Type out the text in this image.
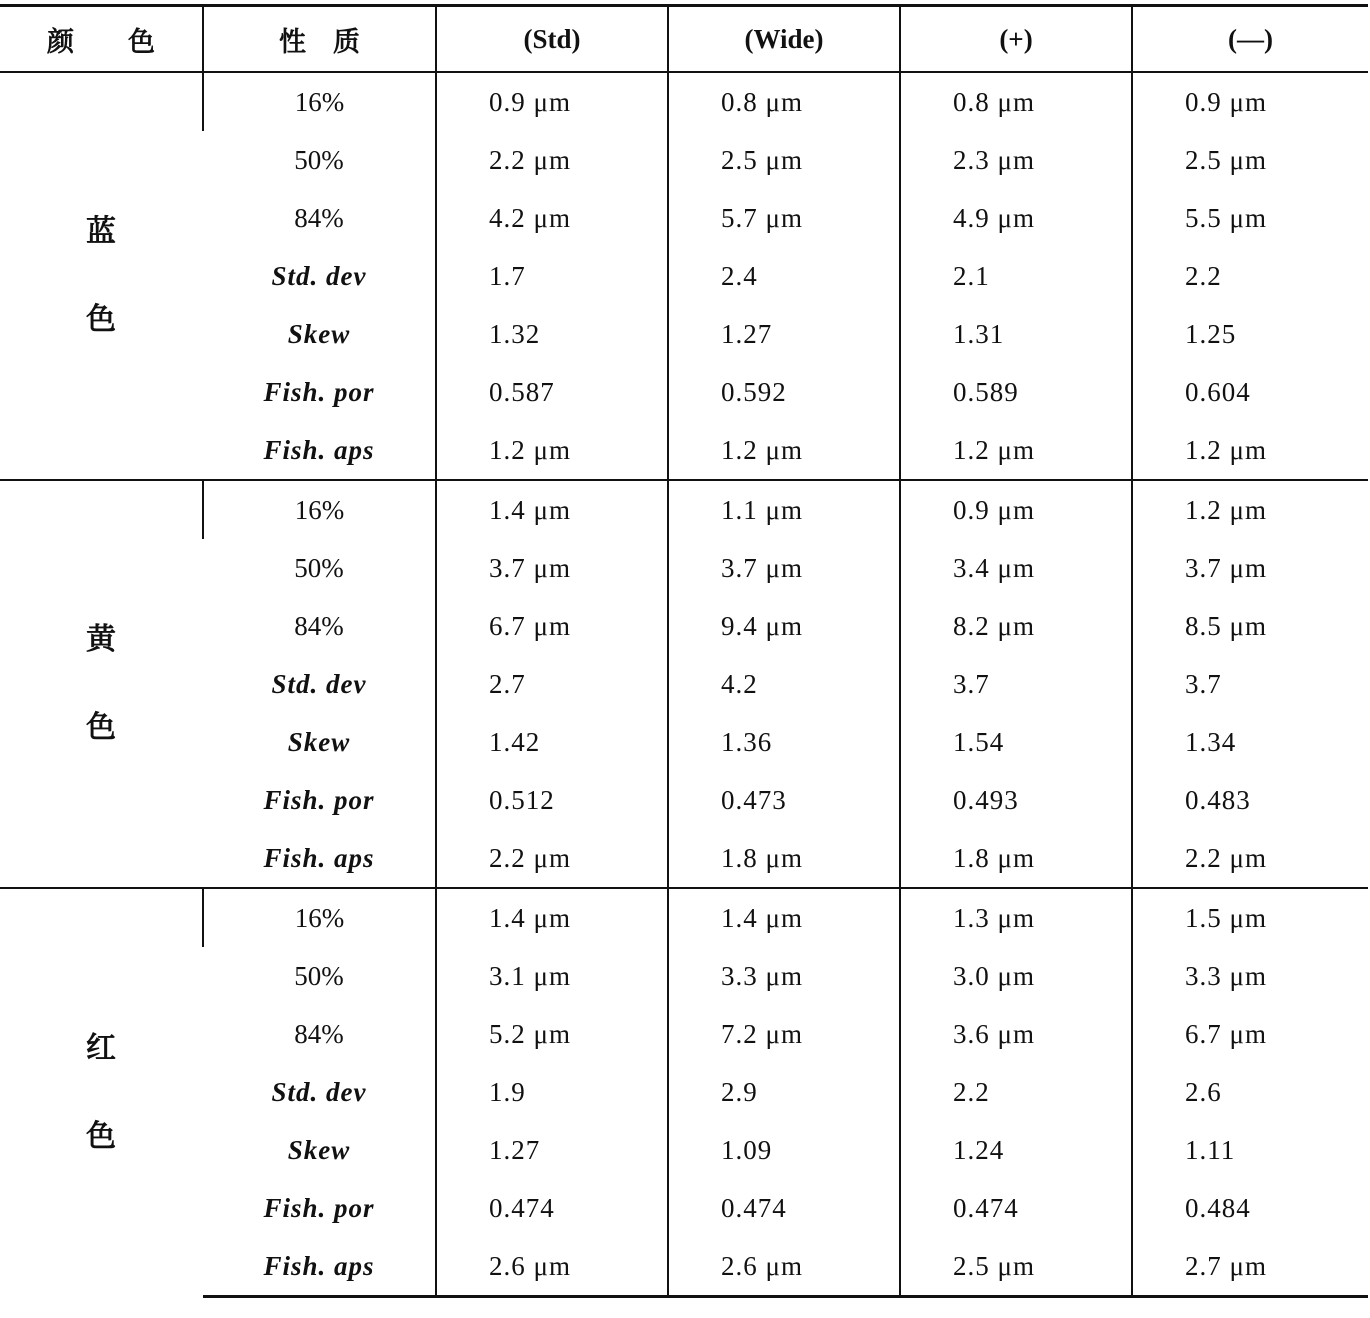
颜　　色	性　质	(Std)	(Wide)	(+)	(—)
蓝
色	16%	0.9 μm	0.8 μm	0.8 μm	0.9 μm
	50%	2.2 μm	2.5 μm	2.3 μm	2.5 μm
	84%	4.2 μm	5.7 μm	4.9 μm	5.5 μm
	Std. dev	1.7	2.4	2.1	2.2
	Skew	1.32	1.27	1.31	1.25
	Fish. por	0.587	0.592	0.589	0.604
	Fish. aps	1.2 μm	1.2 μm	1.2 μm	1.2 μm
黄
色	16%	1.4 μm	1.1 μm	0.9 μm	1.2 μm
	50%	3.7 μm	3.7 μm	3.4 μm	3.7 μm
	84%	6.7 μm	9.4 μm	8.2 μm	8.5 μm
	Std. dev	2.7	4.2	3.7	3.7
	Skew	1.42	1.36	1.54	1.34
	Fish. por	0.512	0.473	0.493	0.483
	Fish. aps	2.2 μm	1.8 μm	1.8 μm	2.2 μm
红
色	16%	1.4 μm	1.4 μm	1.3 μm	1.5 μm
	50%	3.1 μm	3.3 μm	3.0 μm	3.3 μm
	84%	5.2 μm	7.2 μm	3.6 μm	6.7 μm
	Std. dev	1.9	2.9	2.2	2.6
	Skew	1.27	1.09	1.24	1.11
	Fish. por	0.474	0.474	0.474	0.484
	Fish. aps	2.6 μm	2.6 μm	2.5 μm	2.7 μm
